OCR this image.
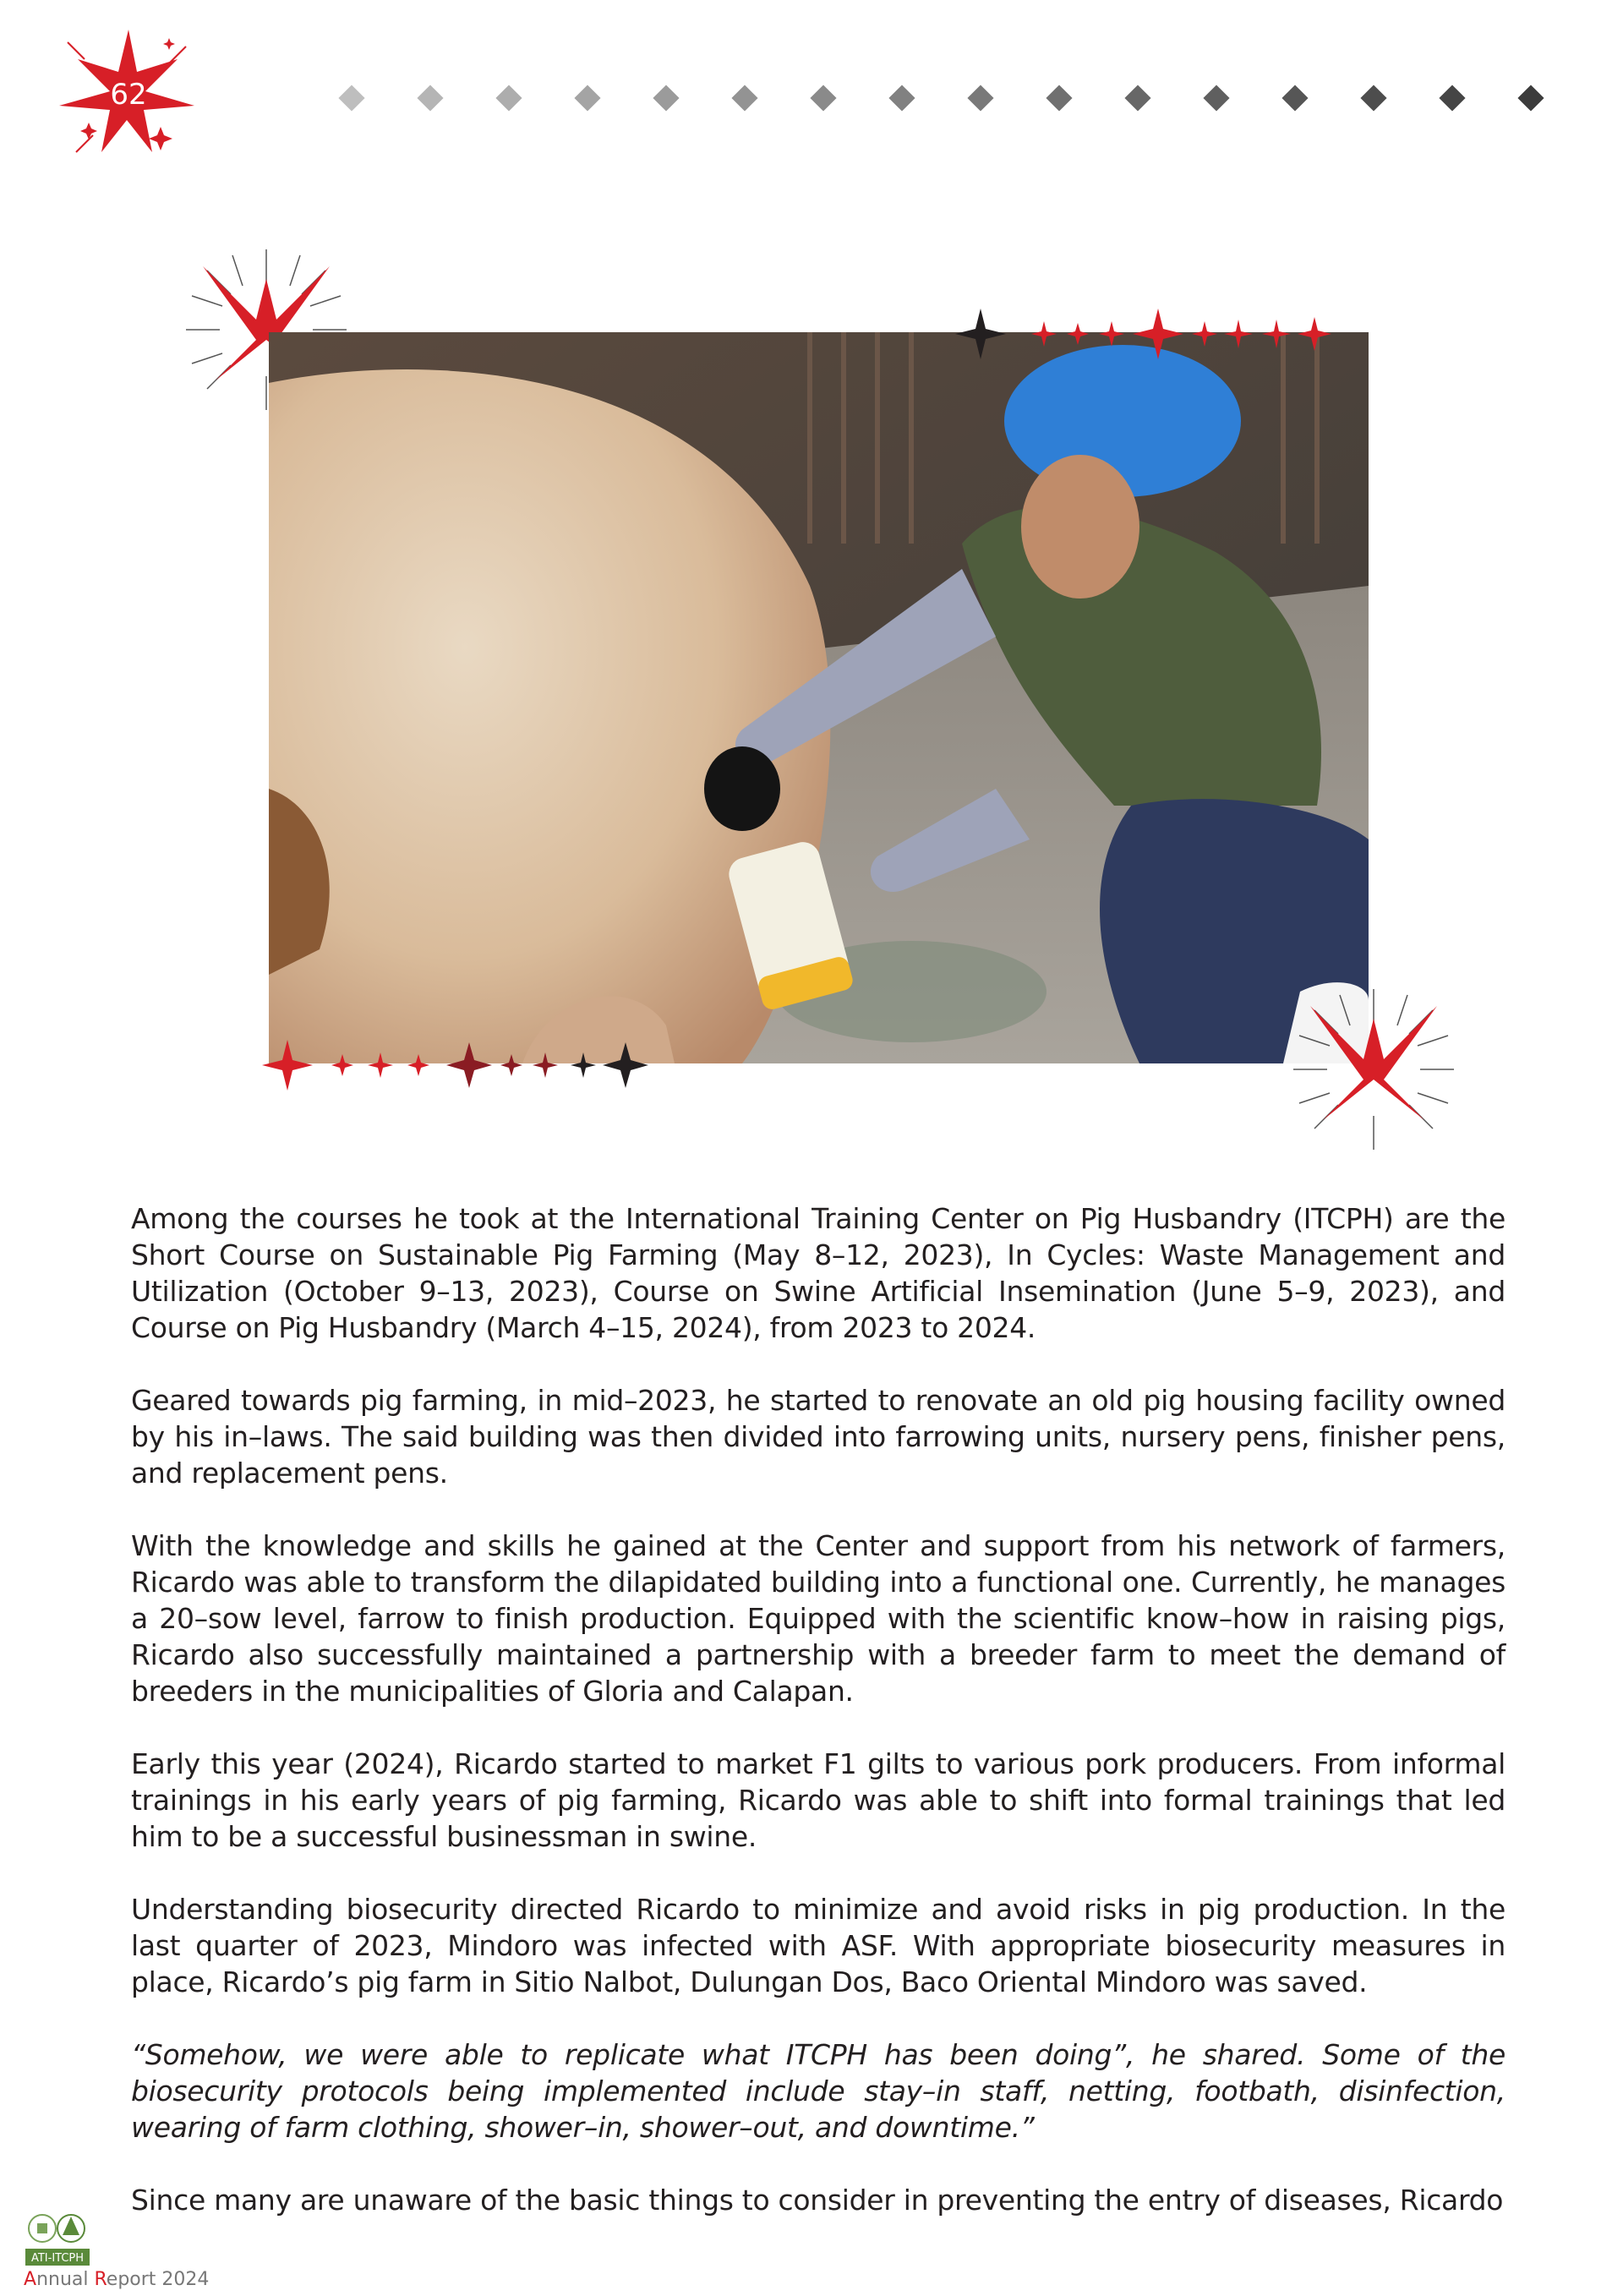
62

Among the courses he took at the International Training Center on Pig Husbandry (ITCPH) are the Short Course on Sustainable Pig Farming (May 8–12, 2023), In Cycles: Waste Management and Utilization (October 9–13, 2023), Course on Swine Artificial Insemination (June 5–9, 2023), and Course on Pig Husbandry (March 4–15, 2024), from 2023 to 2024.

Geared towards pig farming, in mid–2023, he started to renovate an old pig housing facility owned by his in–laws. The said building was then divided into farrowing units, nursery pens, finisher pens, and replacement pens.

With the knowledge and skills he gained at the Center and support from his network of farmers, Ricardo was able to transform the dilapidated building into a functional one. Currently, he manages a 20–sow level, farrow to finish production. Equipped with the scientific know–how in raising pigs, Ricardo also successfully maintained a partnership with a breeder farm to meet the demand of breeders in the municipalities of Gloria and Calapan.

Early this year (2024), Ricardo started to market F1 gilts to various pork producers. From informal trainings in his early years of pig farming, Ricardo was able to shift into formal trainings that led him to be a successful businessman in swine.

Understanding biosecurity directed Ricardo to minimize and avoid risks in pig production. In the last quarter of 2023, Mindoro was infected with ASF. With appropriate biosecurity measures in place, Ricardo’s pig farm in Sitio Nalbot, Dulungan Dos, Baco Oriental Mindoro was saved.

“Somehow, we were able to replicate what ITCPH has been doing”, he shared. Some of the biosecurity protocols being implemented include stay–in staff, netting, footbath, disinfection, wearing of farm clothing, shower–in, shower–out, and downtime.”

Since many are unaware of the basic things to consider in preventing the entry of diseases, Ricardo

ATI-ITCPH
Annual Report 2024
